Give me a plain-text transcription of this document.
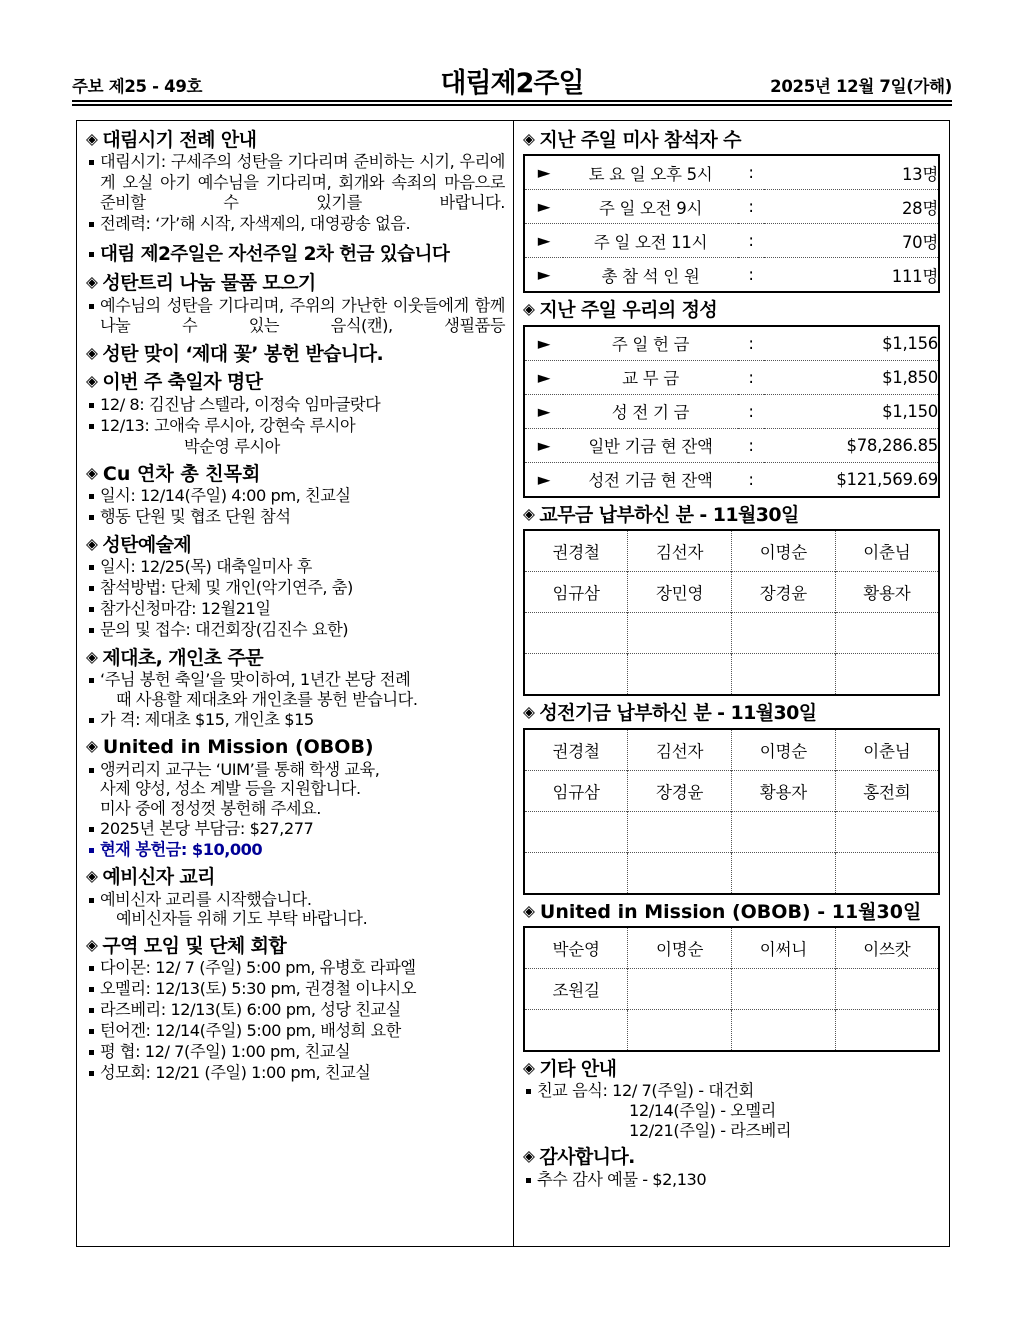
주보 제25 - 49호	대림제2주일	2025년 12월 7일(가해)
◈ 대림시기 전례 안내
대림시기: 구세주의 성탄을 기다리며 준비하는 시기, 우리에게 오실 아기 예수님을 기다리며, 회개와 속죄의 마음으로 준비할 수 있기를 바랍니다.
전례력: ‘가’해 시작, 자색제의, 대영광송 없음.
대림 제2주일은 자선주일 2차 헌금 있습니다
◈ 성탄트리 나눔 물품 모으기
예수님의 성탄을 기다리며, 주위의 가난한 이웃들에게 함께 나눌 수 있는 음식(캔), 생필품등
◈ 성탄 맞이 ‘제대 꽃’ 봉헌 받습니다.
◈ 이번 주 축일자 명단
12/ 8: 김진남 스텔라, 이정숙 임마글랏다
12/13: 고애숙 루시아, 강현숙 루시아
박순영 루시아
◈ Cu 연차 총 친목회
일시: 12/14(주일) 4:00 pm, 친교실
행동 단원 및 협조 단원 참석
◈ 성탄예술제
일시: 12/25(목) 대축일미사 후
참석방법: 단체 및 개인(악기연주, 춤)
참가신청마감: 12월21일
문의 및 접수: 대건회장(김진수 요한)
◈ 제대초, 개인초 주문
‘주님 봉헌 축일’을 맞이하여, 1년간 본당 전례
때 사용할 제대초와 개인초를 봉헌 받습니다.
가 격: 제대초 $15, 개인초 $15
◈ United in Mission (OBOB)
앵커리지 교구는 ‘UIM’를 통해 학생 교육,
사제 양성, 성소 계발 등을 지원합니다.
미사 중에 정성껏 봉헌해 주세요.
2025년 본당 부담금: $27,277
현재 봉헌금: $10,000
◈ 예비신자 교리
예비신자 교리를 시작했습니다.
예비신자들 위해 기도 부탁 바랍니다.
◈ 구역 모임 및 단체 회합
다이몬: 12/ 7 (주일) 5:00 pm, 유병호 라파엘
오멜리: 12/13(토) 5:30 pm, 권경철 이냐시오
라즈베리: 12/13(토) 6:00 pm, 성당 친교실
턴어겐: 12/14(주일) 5:00 pm, 배성희 요한
평 협: 12/ 7(주일) 1:00 pm, 친교실
성모회: 12/21 (주일) 1:00 pm, 친교실
◈ 지난 주일 미사 참석자 수
►	토 요 일 오후 5시	:	13명
►	주 일 오전 9시	:	28명
►	주 일 오전 11시	:	70명
►	총 참 석 인 원	:	111명
◈ 지난 주일 우리의 정성
►	주 일 헌 금	:	$1,156
►	교 무 금	:	$1,850
►	성 전 기 금	:	$1,150
►	일반 기금 현 잔액	:	$78,286.85
►	성전 기금 현 잔액	:	$121,569.69
◈ 교무금 납부하신 분 - 11월30일
권경철	김선자	이명순	이춘님
임규삼	장민영	장경윤	황용자

◈ 성전기금 납부하신 분 - 11월30일
권경철	김선자	이명순	이춘님
임규삼	장경윤	황용자	홍전희

◈ United in Mission (OBOB) - 11월30일
박순영	이명순	이써니	이쓰캇
조원길			

◈ 기타 안내
친교 음식: 12/ 7(주일) - 대건회
12/14(주일) - 오멜리
12/21(주일) - 라즈베리
◈ 감사합니다.
추수 감사 예물 - $2,130
